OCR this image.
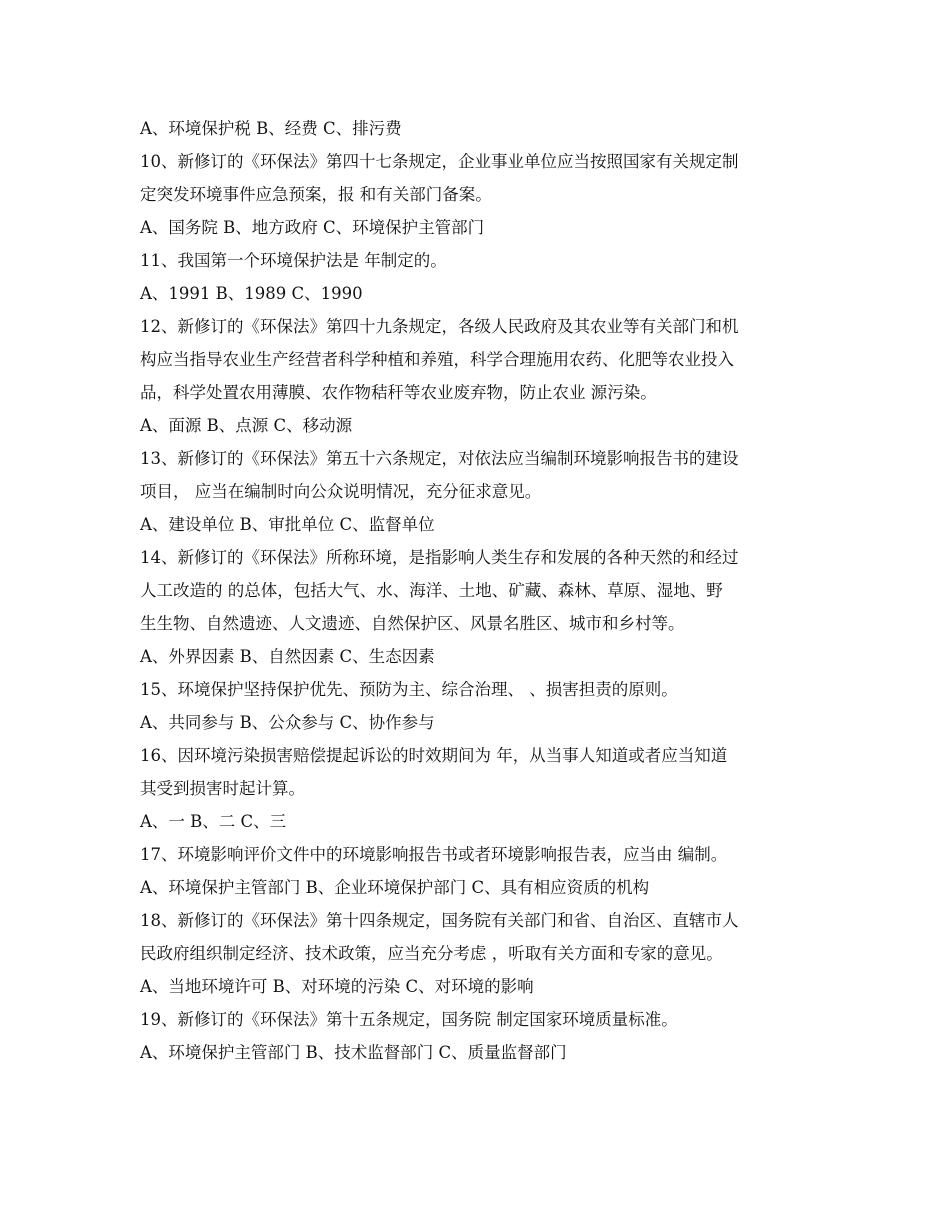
A、环境保护税 B、经费 C、排污费
10、新修订的《环保法》第四十七条规定，企业事业单位应当按照国家有关规定制
定突发环境事件应急预案，报 和有关部门备案。
A、国务院 B、地方政府 C、环境保护主管部门
11、我国第一个环境保护法是 年制定的。
A、1991 B、1989 C、1990
12、新修订的《环保法》第四十九条规定，各级人民政府及其农业等有关部门和机
构应当指导农业生产经营者科学种植和养殖，科学合理施用农药、化肥等农业投入
品，科学处置农用薄膜、农作物秸秆等农业废弃物，防止农业 源污染。
A、面源 B、点源 C、移动源
13、新修订的《环保法》第五十六条规定，对依法应当编制环境影响报告书的建设
项目， 应当在编制时向公众说明情况，充分征求意见。
A、建设单位 B、审批单位 C、监督单位
14、新修订的《环保法》所称环境，是指影响人类生存和发展的各种天然的和经过
人工改造的 的总体，包括大气、水、海洋、土地、矿藏、森林、草原、湿地、野
生生物、自然遗迹、人文遗迹、自然保护区、风景名胜区、城市和乡村等。
A、外界因素 B、自然因素 C、生态因素
15、环境保护坚持保护优先、预防为主、综合治理、 、损害担责的原则。
A、共同参与 B、公众参与 C、协作参与
16、因环境污染损害赔偿提起诉讼的时效期间为 年，从当事人知道或者应当知道
其受到损害时起计算。
A、一 B、二 C、三
17、环境影响评价文件中的环境影响报告书或者环境影响报告表，应当由 编制。
A、环境保护主管部门 B、企业环境保护部门 C、具有相应资质的机构
18、新修订的《环保法》第十四条规定，国务院有关部门和省、自治区、直辖市人
民政府组织制定经济、技术政策，应当充分考虑 ，听取有关方面和专家的意见。
A、当地环境许可 B、对环境的污染 C、对环境的影响
19、新修订的《环保法》第十五条规定，国务院 制定国家环境质量标准。
A、环境保护主管部门 B、技术监督部门 C、质量监督部门
